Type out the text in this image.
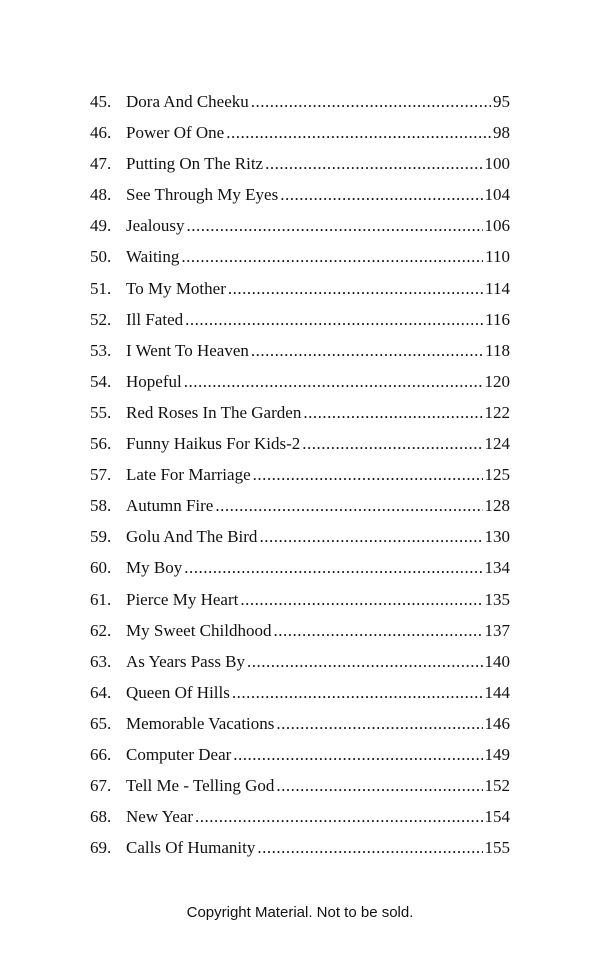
45. Dora And Cheeku .....	95
46. Power Of One .....	98
47. Putting On The Ritz .....	100
48. See Through My Eyes .....	104
49. Jealousy .....	106
50. Waiting .....	110
51. To My Mother .....	114
52. Ill Fated .....	116
53. I Went To Heaven .....	118
54. Hopeful .....	120
55. Red Roses In The Garden .....	122
56. Funny Haikus For Kids-2 .....	124
57. Late For Marriage .....	125
58. Autumn Fire .....	128
59. Golu And The Bird .....	130
60. My Boy .....	134
61. Pierce My Heart .....	135
62. My Sweet Childhood .....	137
63. As Years Pass By .....	140
64. Queen Of Hills .....	144
65. Memorable Vacations .....	146
66. Computer Dear .....	149
67. Tell Me - Telling God .....	152
68. New Year .....	154
69. Calls Of Humanity .....	155
Copyright Material. Not to be sold.
